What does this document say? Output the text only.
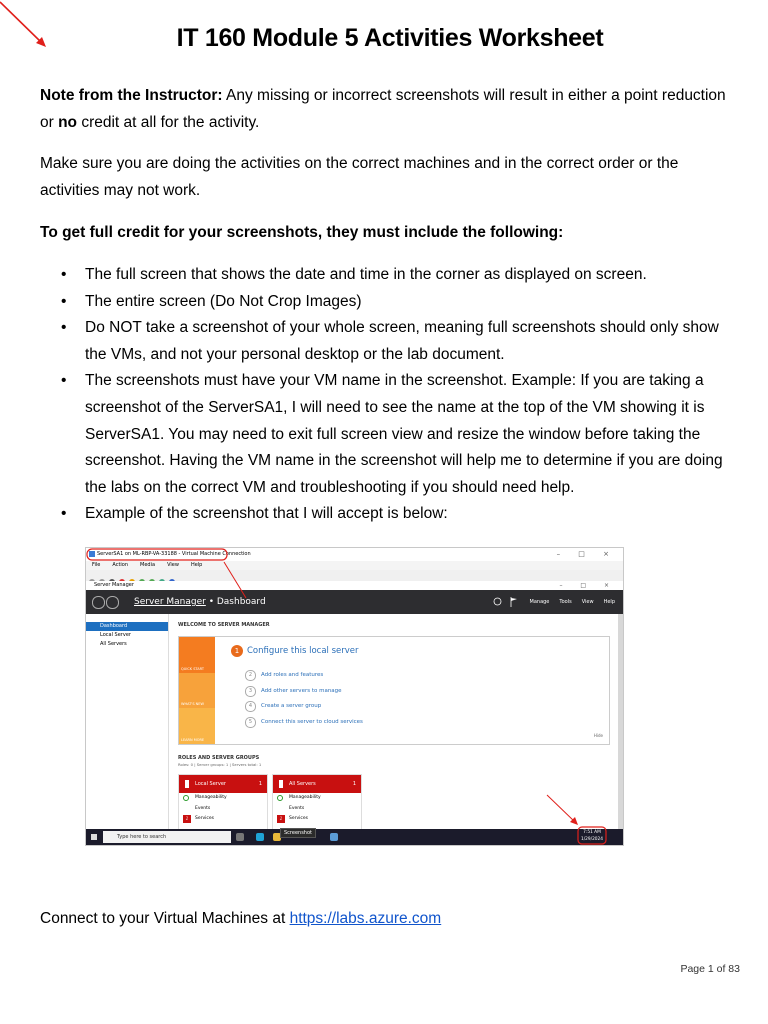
IT 160 Module 5 Activities Worksheet

Note from the Instructor: Any missing or incorrect screenshots will result in either a point reduction or no credit at all for the activity.

Make sure you are doing the activities on the correct machines and in the correct order or the activities may not work.

To get full credit for your screenshots, they must include the following:

• The full screen that shows the date and time in the corner as displayed on screen.
• The entire screen (Do Not Crop Images)
• Do NOT take a screenshot of your whole screen, meaning full screenshots should only show the VMs, and not your personal desktop or the lab document.
• The screenshots must have your VM name in the screenshot. Example: If you are taking a screenshot of the ServerSA1, I will need to see the name at the top of the VM showing it is ServerSA1. You may need to exit full screen view and resize the window before taking the screenshot. Having the VM name in the screenshot will help me to determine if you are doing the labs on the correct VM and troubleshooting if you should need help.
• Example of the screenshot that I will accept is below:
ServerSA1 on ML-RBP-VA-33188 - Virtual Machine Connection	– □ ×
File Action Media View Help
Server Manager	– □ ×
Server Manager • Dashboard	Manage Tools View Help
Dashboard
Local Server
All Servers
WELCOME TO SERVER MANAGER
QUICK START
WHAT'S NEW
LEARN MORE
1 Configure this local server
2 Add roles and features
3 Add other servers to manage
4 Create a server group
5 Connect this server to cloud services
Hide
ROLES AND SERVER GROUPS
Roles: 0 | Server groups: 1 | Servers total: 1
Local Server	1
Manageability
Events
1	Services
All Servers	1
Manageability
Events
1	Services
Type here to search
Screenshot	7:51 AM
1/29/2024
Connect to your Virtual Machines at https://labs.azure.com
Page 1 of 83
